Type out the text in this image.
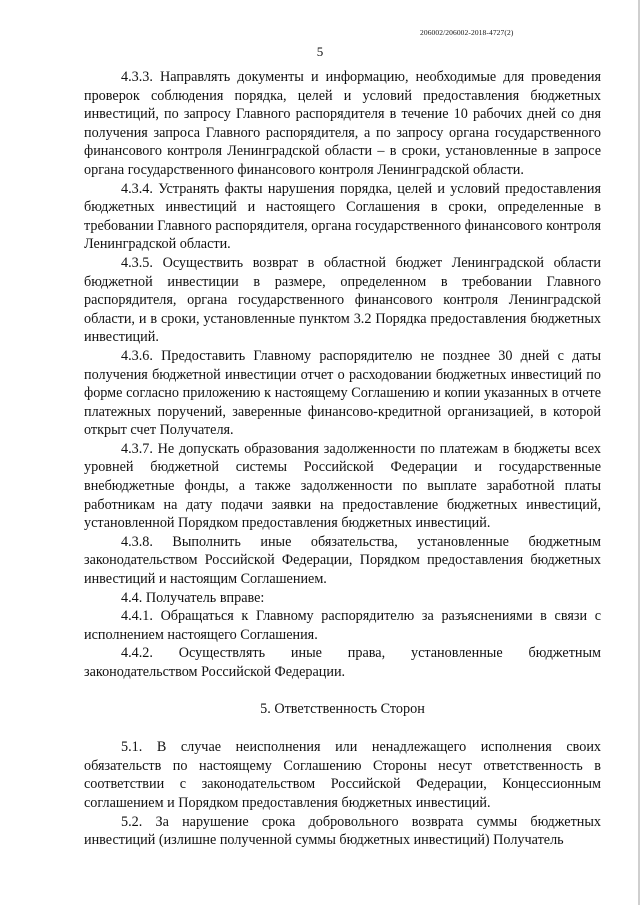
206002/206002-2018-4727(2)
5

4.3.3. Направлять документы и информацию, необходимые для проведения проверок соблюдения порядка, целей и условий предоставления бюджетных инвестиций, по запросу Главного распорядителя в течение 10 рабочих дней со дня получения запроса Главного распорядителя, а по запросу органа государственного финансового контроля Ленинградской области – в сроки, установленные в запросе органа государственного финансового контроля Ленинградской области.

4.3.4. Устранять факты нарушения порядка, целей и условий предоставления бюджетных инвестиций и настоящего Соглашения в сроки, определенные в требовании Главного распорядителя, органа государственного финансового контроля Ленинградской области.

4.3.5. Осуществить возврат в областной бюджет Ленинградской области бюджетной инвестиции в размере, определенном в требовании Главного распорядителя, органа государственного финансового контроля Ленинградской области, и в сроки, установленные пунктом 3.2 Порядка предоставления бюджетных инвестиций.

4.3.6. Предоставить Главному распорядителю не позднее 30 дней с даты получения бюджетной инвестиции отчет о расходовании бюджетных инвестиций по форме согласно приложению к настоящему Соглашению и копии указанных в отчете платежных поручений, заверенные финансово-кредитной организацией, в которой открыт счет Получателя.

4.3.7. Не допускать образования задолженности по платежам в бюджеты всех уровней бюджетной системы Российской Федерации и государственные внебюджетные фонды, а также задолженности по выплате заработной платы работникам на дату подачи заявки на предоставление бюджетных инвестиций, установленной Порядком предоставления бюджетных инвестиций.

4.3.8. Выполнить иные обязательства, установленные бюджетным законодательством Российской Федерации, Порядком предоставления бюджетных инвестиций и настоящим Соглашением.

4.4. Получатель вправе:

4.4.1. Обращаться к Главному распорядителю за разъяснениями в связи с исполнением настоящего Соглашения.

4.4.2. Осуществлять иные права, установленные бюджетным законодательством Российской Федерации.

5. Ответственность Сторон

5.1. В случае неисполнения или ненадлежащего исполнения своих обязательств по настоящему Соглашению Стороны несут ответственность в соответствии с законодательством Российской Федерации, Концессионным соглашением и Порядком предоставления бюджетных инвестиций.

5.2. За нарушение срока добровольного возврата суммы бюджетных инвестиций (излишне полученной суммы бюджетных инвестиций) Получатель
